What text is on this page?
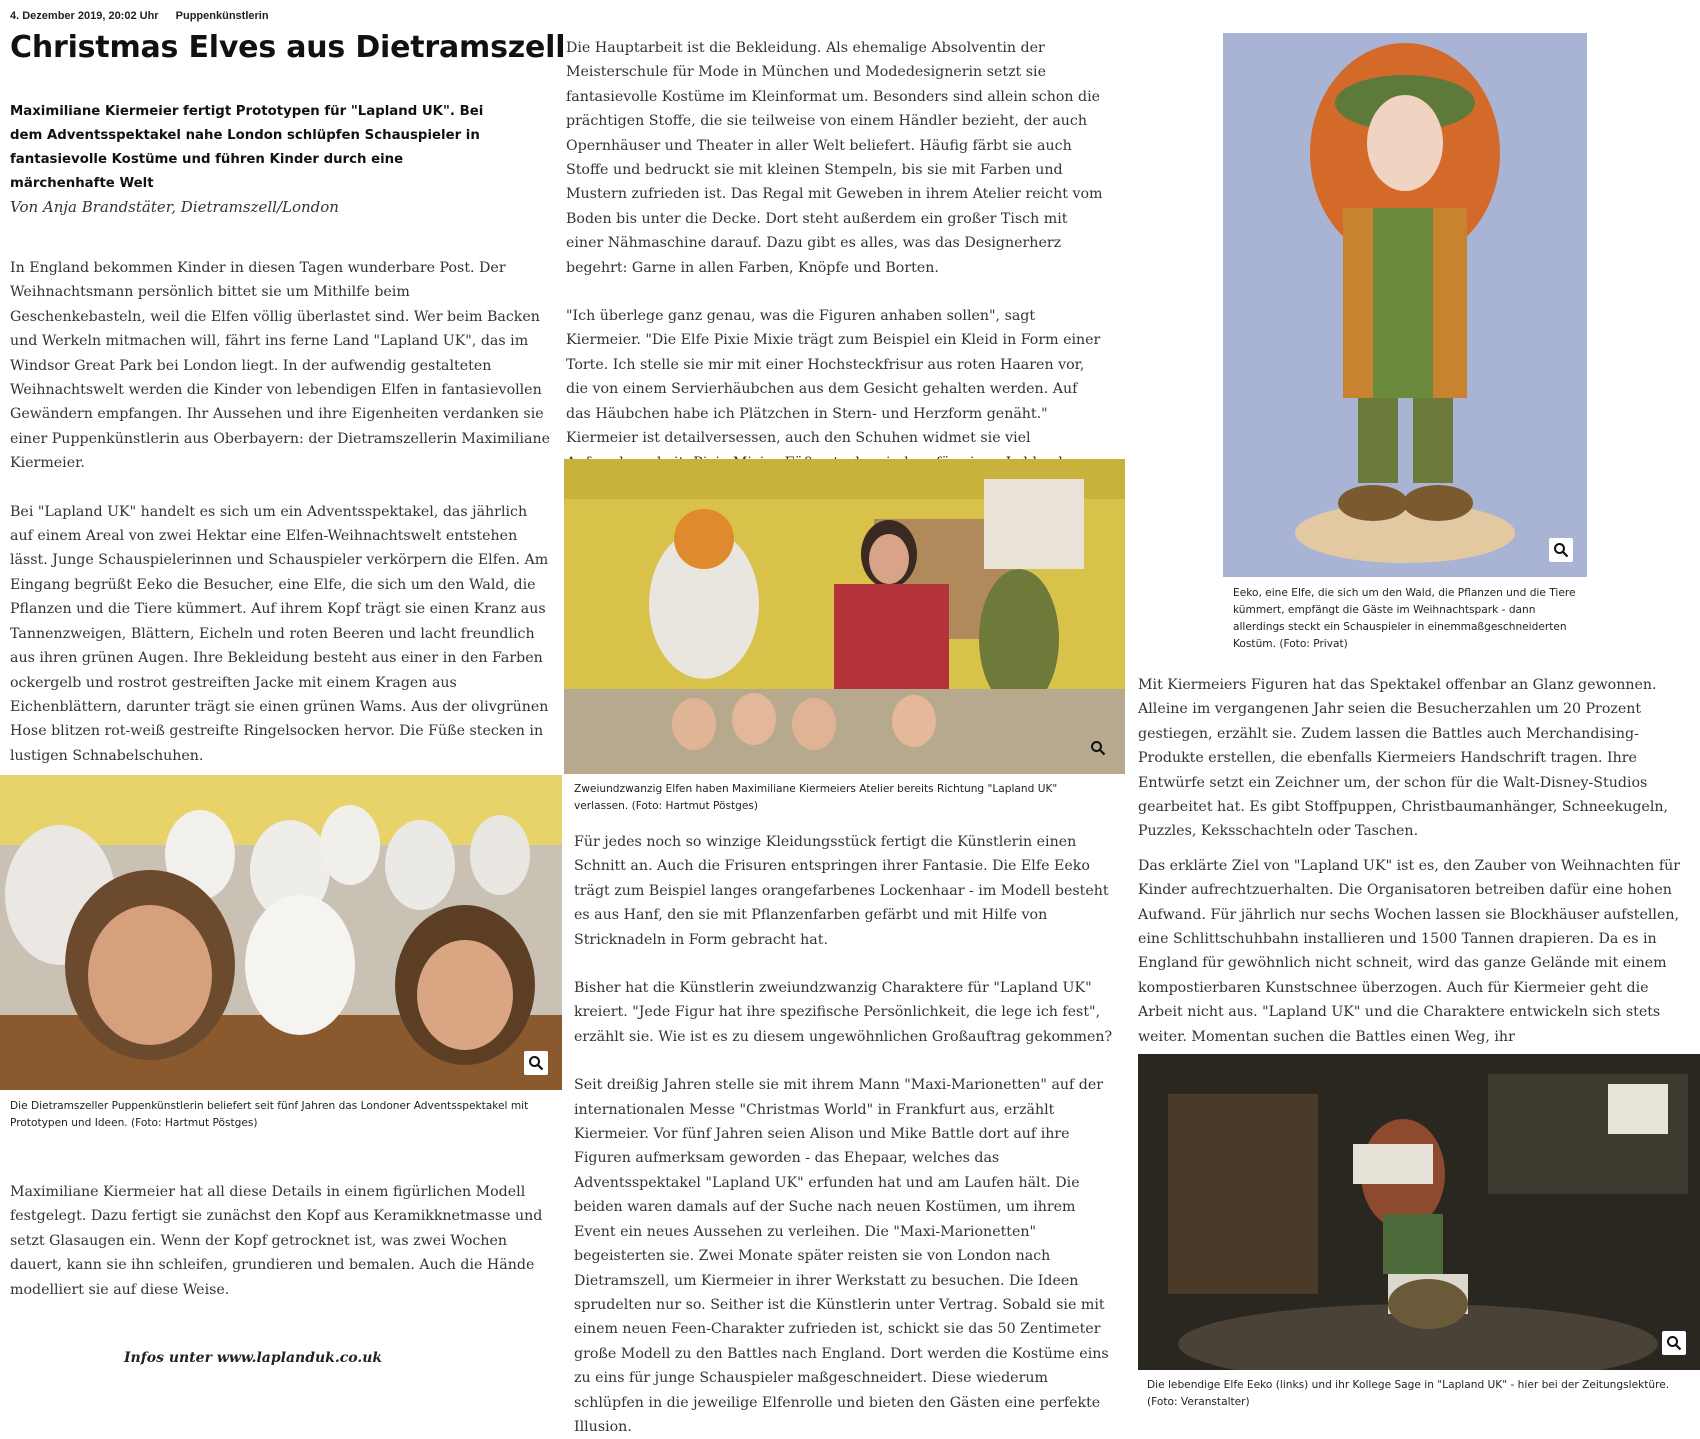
4. Dezember 2019, 20:02 Uhr Puppenkünstlerin
Christmas Elves aus Dietramszell
Maximiliane Kiermeier fertigt Prototypen für "Lapland UK". Bei dem Adventsspektakel nahe London schlüpfen Schauspieler in fantasievolle Kostüme und führen Kinder durch eine märchenhafte Welt
Von Anja Brandstäter, Dietramszell/London

In England bekommen Kinder in diesen Tagen wunderbare Post. Der Weihnachtsmann persönlich bittet sie um Mithilfe beim Geschenkebasteln, weil die Elfen völlig überlastet sind. Wer beim Backen und Werkeln mitmachen will, fährt ins ferne Land "Lapland UK", das im Windsor Great Park bei London liegt. In der aufwendig gestalteten Weihnachtswelt werden die Kinder von lebendigen Elfen in fantasievollen Gewändern empfangen. Ihr Aussehen und ihre Eigenheiten verdanken sie einer Puppenkünstlerin aus Oberbayern: der Dietramszellerin Maximiliane Kiermeier.

Bei "Lapland UK" handelt es sich um ein Adventsspektakel, das jährlich auf einem Areal von zwei Hektar eine Elfen-Weihnachtswelt entstehen lässt. Junge Schauspielerinnen und Schauspieler verkörpern die Elfen. Am Eingang begrüßt Eeko die Besucher, eine Elfe, die sich um den Wald, die Pflanzen und die Tiere kümmert. Auf ihrem Kopf trägt sie einen Kranz aus Tannenzweigen, Blättern, Eicheln und roten Beeren und lacht freundlich aus ihren grünen Augen. Ihre Bekleidung besteht aus einer in den Farben ockergelb und rostrot gestreiften Jacke mit einem Kragen aus Eichenblättern, darunter trägt sie einen grünen Wams. Aus der olivgrünen Hose blitzen rot-weiß gestreifte Ringelsocken hervor. Die Füße stecken in lustigen Schnabelschuhen.

Die Dietramszeller Puppenkünstlerin beliefert seit fünf Jahren das Londoner Adventsspektakel mit Prototypen und Ideen. (Foto: Hartmut Pöstges)

Maximiliane Kiermeier hat all diese Details in einem figürlichen Modell festgelegt. Dazu fertigt sie zunächst den Kopf aus Keramikknetmasse und setzt Glasaugen ein. Wenn der Kopf getrocknet ist, was zwei Wochen dauert, kann sie ihn schleifen, grundieren und bemalen. Auch die Hände modelliert sie auf diese Weise.

Infos unter www.laplanduk.co.uk

Die Hauptarbeit ist die Bekleidung. Als ehemalige Absolventin der Meisterschule für Mode in München und Modedesignerin setzt sie fantasievolle Kostüme im Kleinformat um. Besonders sind allein schon die prächtigen Stoffe, die sie teilweise von einem Händler bezieht, der auch Opernhäuser und Theater in aller Welt beliefert. Häufig färbt sie auch Stoffe und bedruckt sie mit kleinen Stempeln, bis sie mit Farben und Mustern zufrieden ist. Das Regal mit Geweben in ihrem Atelier reicht vom Boden bis unter die Decke. Dort steht außerdem ein großer Tisch mit einer Nähmaschine darauf. Dazu gibt es alles, was das Designerherz begehrt: Garne in allen Farben, Knöpfe und Borten.

"Ich überlege ganz genau, was die Figuren anhaben sollen", sagt Kiermeier. "Die Elfe Pixie Mixie trägt zum Beispiel ein Kleid in Form einer Torte. Ich stelle sie mir mit einer Hochsteckfrisur aus roten Haaren vor, die von einem Servierhäubchen aus dem Gesicht gehalten werden. Auf das Häubchen habe ich Plätzchen in Stern- und Herzform genäht." Kiermeier ist detailversessen, auch den Schuhen widmet sie viel

Zweiundzwanzig Elfen haben Maximiliane Kiermeiers Atelier bereits Richtung "Lapland UK" verlassen. (Foto: Hartmut Pöstges)

Für jedes noch so winzige Kleidungsstück fertigt die Künstlerin einen Schnitt an. Auch die Frisuren entspringen ihrer Fantasie. Die Elfe Eeko trägt zum Beispiel langes orangefarbenes Lockenhaar - im Modell besteht es aus Hanf, den sie mit Pflanzenfarben gefärbt und mit Hilfe von Stricknadeln in Form gebracht hat.

Bisher hat die Künstlerin zweiundzwanzig Charaktere für "Lapland UK" kreiert. "Jede Figur hat ihre spezifische Persönlichkeit, die lege ich fest", erzählt sie. Wie ist es zu diesem ungewöhnlichen Großauftrag gekommen?

Seit dreißig Jahren stelle sie mit ihrem Mann "Maxi-Marionetten" auf der internationalen Messe "Christmas World" in Frankfurt aus, erzählt Kiermeier. Vor fünf Jahren seien Alison und Mike Battle dort auf ihre Figuren aufmerksam geworden - das Ehepaar, welches das Adventsspektakel "Lapland UK" erfunden hat und am Laufen hält. Die beiden waren damals auf der Suche nach neuen Kostümen, um ihrem Event ein neues Aussehen zu verleihen. Die "Maxi-Marionetten" begeisterten sie. Zwei Monate später reisten sie von London nach Dietramszell, um Kiermeier in ihrer Werkstatt zu besuchen. Die Ideen sprudelten nur so. Seither ist die Künstlerin unter Vertrag. Sobald sie mit einem neuen Feen-Charakter zufrieden ist, schickt sie das 50 Zentimeter große Modell zu den Battles nach England. Dort werden die Kostüme eins zu eins für junge Schauspieler maßgeschneidert. Diese wiederum schlüpfen in die jeweilige Elfenrolle und bieten den Gästen eine perfekte Illusion.

Eeko, eine Elfe, die sich um den Wald, die Pflanzen und die Tiere kümmert, empfängt die Gäste im Weihnachtspark - dann allerdings steckt ein Schauspieler in einemmaßgeschneiderten Kostüm. (Foto: Privat)

Mit Kiermeiers Figuren hat das Spektakel offenbar an Glanz gewonnen. Alleine im vergangenen Jahr seien die Besucherzahlen um 20 Prozent gestiegen, erzählt sie. Zudem lassen die Battles auch Merchandising-Produkte erstellen, die ebenfalls Kiermeiers Handschrift tragen. Ihre Entwürfe setzt ein Zeichner um, der schon für die Walt-Disney-Studios gearbeitet hat. Es gibt Stoffpuppen, Christbaumanhänger, Schneekugeln, Puzzles, Keksschachteln oder Taschen.

Das erklärte Ziel von "Lapland UK" ist es, den Zauber von Weihnachten für Kinder aufrechtzuerhalten. Die Organisatoren betreiben dafür eine hohen Aufwand. Für jährlich nur sechs Wochen lassen sie Blockhäuser aufstellen, eine Schlittschuhbahn installieren und 1500 Tannen drapieren. Da es in England für gewöhnlich nicht schneit, wird das ganze Gelände mit einem kompostierbaren Kunstschnee überzogen. Auch für Kiermeier geht die Arbeit nicht aus. "Lapland UK" und die Charaktere entwickeln sich stets weiter. Momentan suchen die Battles einen Weg, ihr

Die lebendige Elfe Eeko (links) und ihr Kollege Sage in "Lapland UK" - hier bei der Zeitungslektüre. (Foto: Veranstalter)
